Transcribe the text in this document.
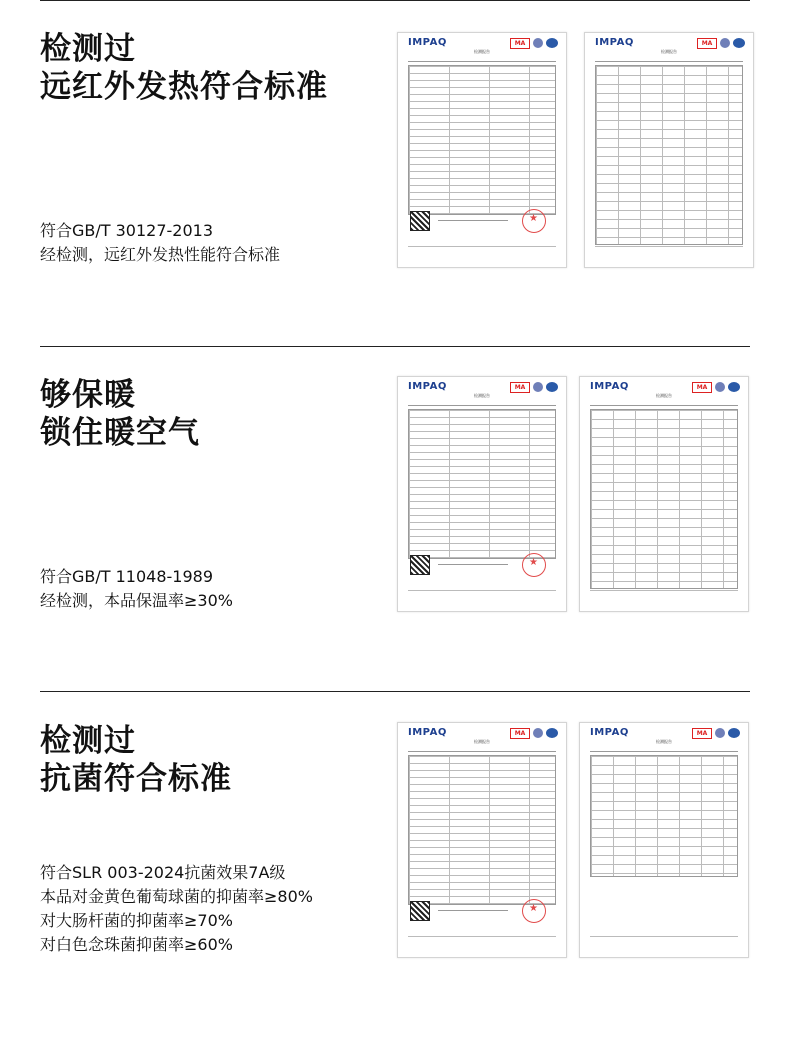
检测过
远红外发热符合标准
符合GB/T 30127-2013
经检测，远红外发热性能符合标准
IMPAQ	MA
检测报告
★
IMPAQ	MA
检测报告
够保暖
锁住暖空气
符合GB/T 11048-1989
经检测，本品保温率≥30%
IMPAQ	MA
检测报告
★
IMPAQ	MA
检测报告
检测过
抗菌符合标准
符合SLR 003-2024抗菌效果7A级
本品对金黄色葡萄球菌的抑菌率≥80%
对大肠杆菌的抑菌率≥70%
对白色念珠菌抑菌率≥60%
IMPAQ	MA
检测报告
★
IMPAQ	MA
检测报告
